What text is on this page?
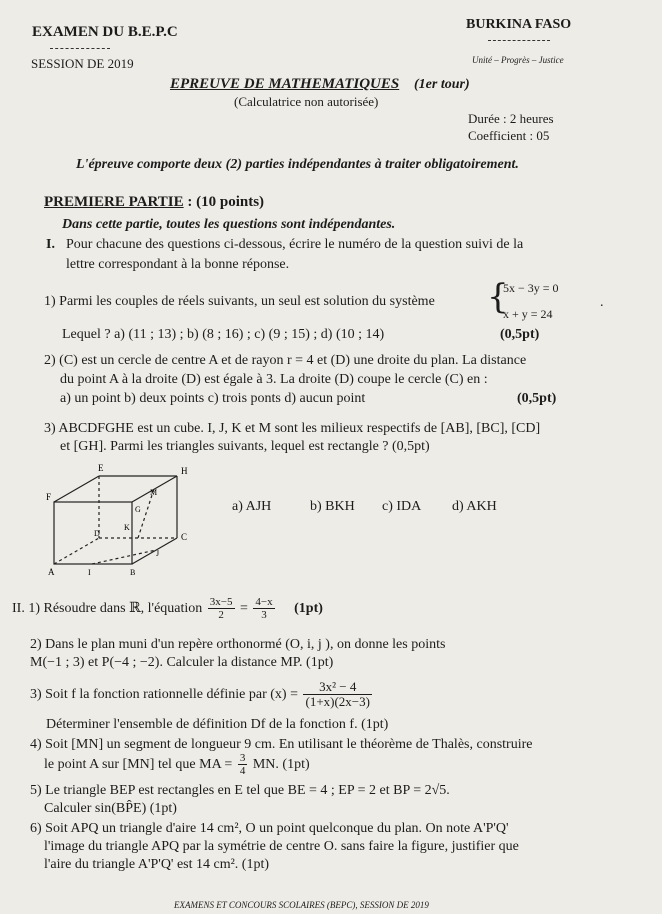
EXAMEN DU B.E.P.C	BURKINA FASO
SESSION DE 2019	Unité – Progrès – Justice
EPREUVE DE MATHEMATIQUES (1er tour)
(Calculatrice non autorisée)
Durée : 2 heures
Coefficient : 05
L'épreuve comporte deux (2) parties indépendantes à traiter obligatoirement.
PREMIERE PARTIE : (10 points)
Dans cette partie, toutes les questions sont indépendantes.
I. Pour chacune des questions ci-dessous, écrire le numéro de la question suivi de la
lettre correspondant à la bonne réponse.
1) Parmi les couples de réels suivants, un seul est solution du système {
5x − 3y = 0
x + y = 24
.
Lequel ? a) (11 ; 13) ; b) (8 ; 16) ; c) (9 ; 15) ; d) (10 ; 14)	(0,5pt)
2) (C) est un cercle de centre A et de rayon r = 4 et (D) une droite du plan. La distance
du point A à la droite (D) est égale à 3. La droite (D) coupe le cercle (C) en :
a) un point b) deux points c) trois ponts d) aucun point	(0,5pt)
3) ABCDFGHE est un cube. I, J, K et M sont les milieux respectifs de [AB], [BC], [CD]
et [GH]. Parmi les triangles suivants, lequel est rectangle ? (0,5pt)
E	H
F
G
M
K
D	C
J
A	I	B
a) AJH	b) BKH c) IDA d) AKH
II. 1) Résoudre dans ℝ, l'équation $\frac{3x-5}{2} = \frac{4-x}{3} (1pt)$
2) Dans le plan muni d'un repère orthonormé (O, i, j ), on donne les points
M(−1 ; 3) et P(−4 ; −2). Calculer la distance MP. (1pt)
3) Soit f la fonction rationnelle définie par $(x) = \frac{\text{3x² − 4}}{(1+x)(2x-3)}$
Déterminer l'ensemble de définition Df de la fonction f. (1pt)
4) Soit [MN] un segment de longueur 9 cm. En utilisant le théorème de Thalès, construire
le point A sur [MN] tel que MA = $\frac{3}{4}$ MN. (1pt)
5) Le triangle BEP est rectangles en E tel que BE = 4 ; EP = 2 et BP = 2√5.
Calculer sin(BP̂E) (1pt)
6) Soit APQ un triangle d'aire 14 cm², O un point quelconque du plan. On note A'P'Q'
l'image du triangle APQ par la symétrie de centre O. sans faire la figure, justifier que
l'aire du triangle A'P'Q' est 14 cm². (1pt)
EXAMENS ET CONCOURS SCOLAIRES (BEPC), SESSION DE 2019
